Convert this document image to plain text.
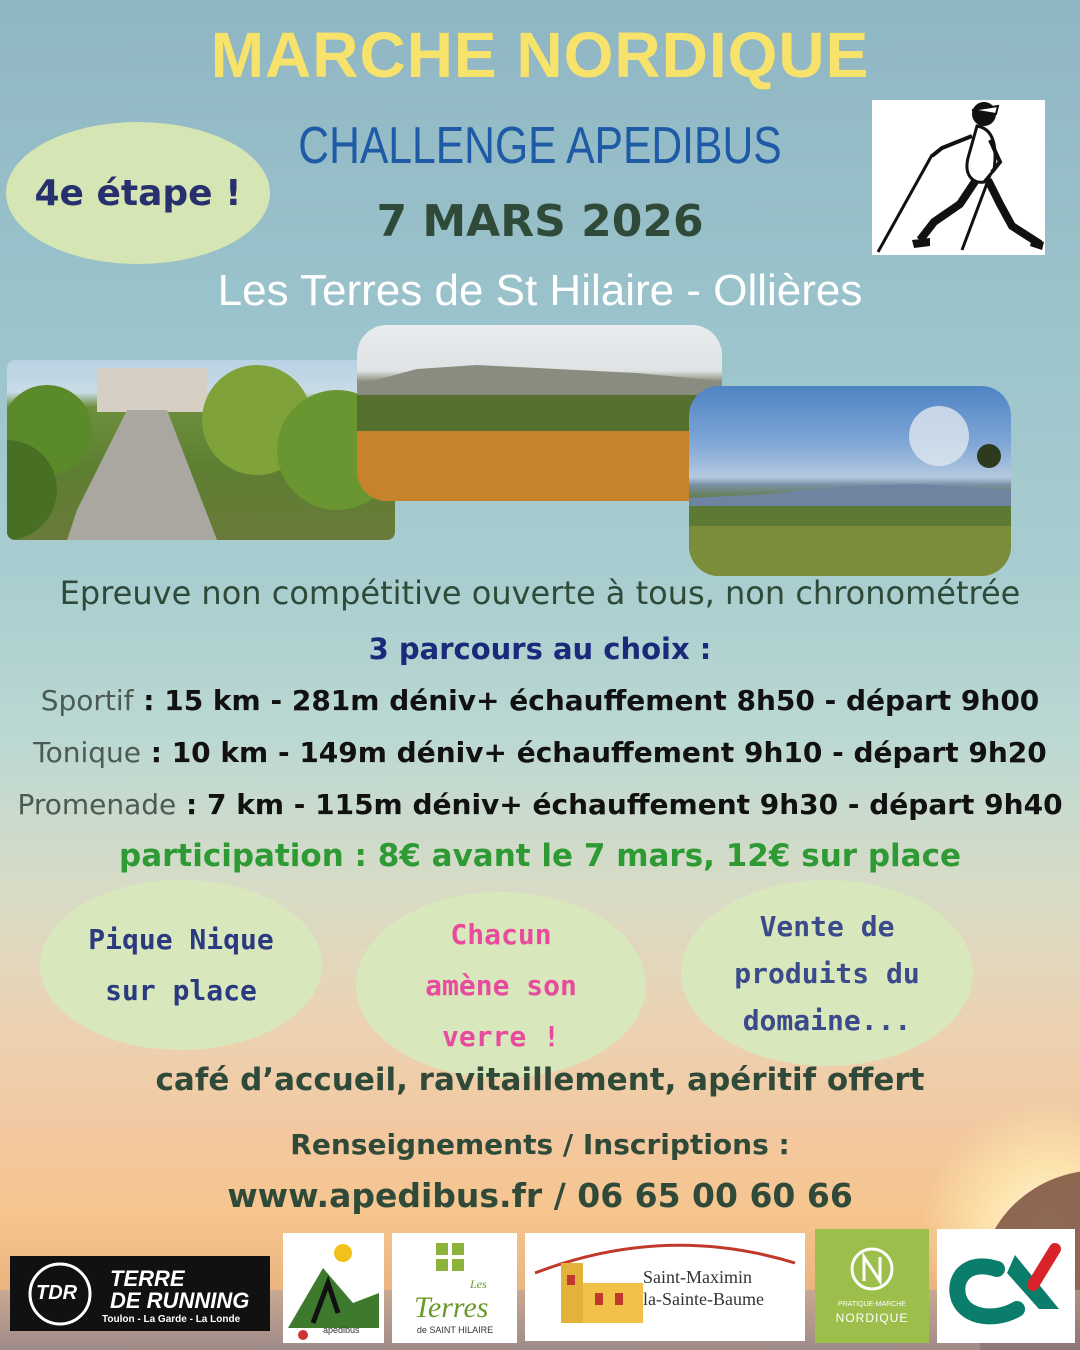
MARCHE NORDIQUE
CHALLENGE APEDIBUS
4e étape !
7 MARS 2026
Les Terres de St Hilaire - Ollières
Epreuve non compétitive ouverte à tous, non chronométrée
3 parcours au choix :
Sportif : 15 km - 281m déniv+ échauffement 8h50 - départ 9h00
Tonique : 10 km - 149m déniv+ échauffement 9h10 - départ 9h20
Promenade : 7 km - 115m déniv+ échauffement 9h30 - départ 9h40
participation : 8€ avant le 7 mars, 12€ sur place
Pique Nique
sur place
Chacun
amène son
verre !
Vente de
produits du
domaine...
café d’accueil, ravitaillement, apéritif offert
Renseignements / Inscriptions :
www.apedibus.fr / 06 65 00 60 66
TDR
TERRE
DE RUNNING
Toulon - La Garde - La Londe
apedibus
Les
Terres
de SAINT HILAIRE
Saint-Maximin
la-Sainte-Baume	PRATIQUE-MARCHE
NORDIQUE
